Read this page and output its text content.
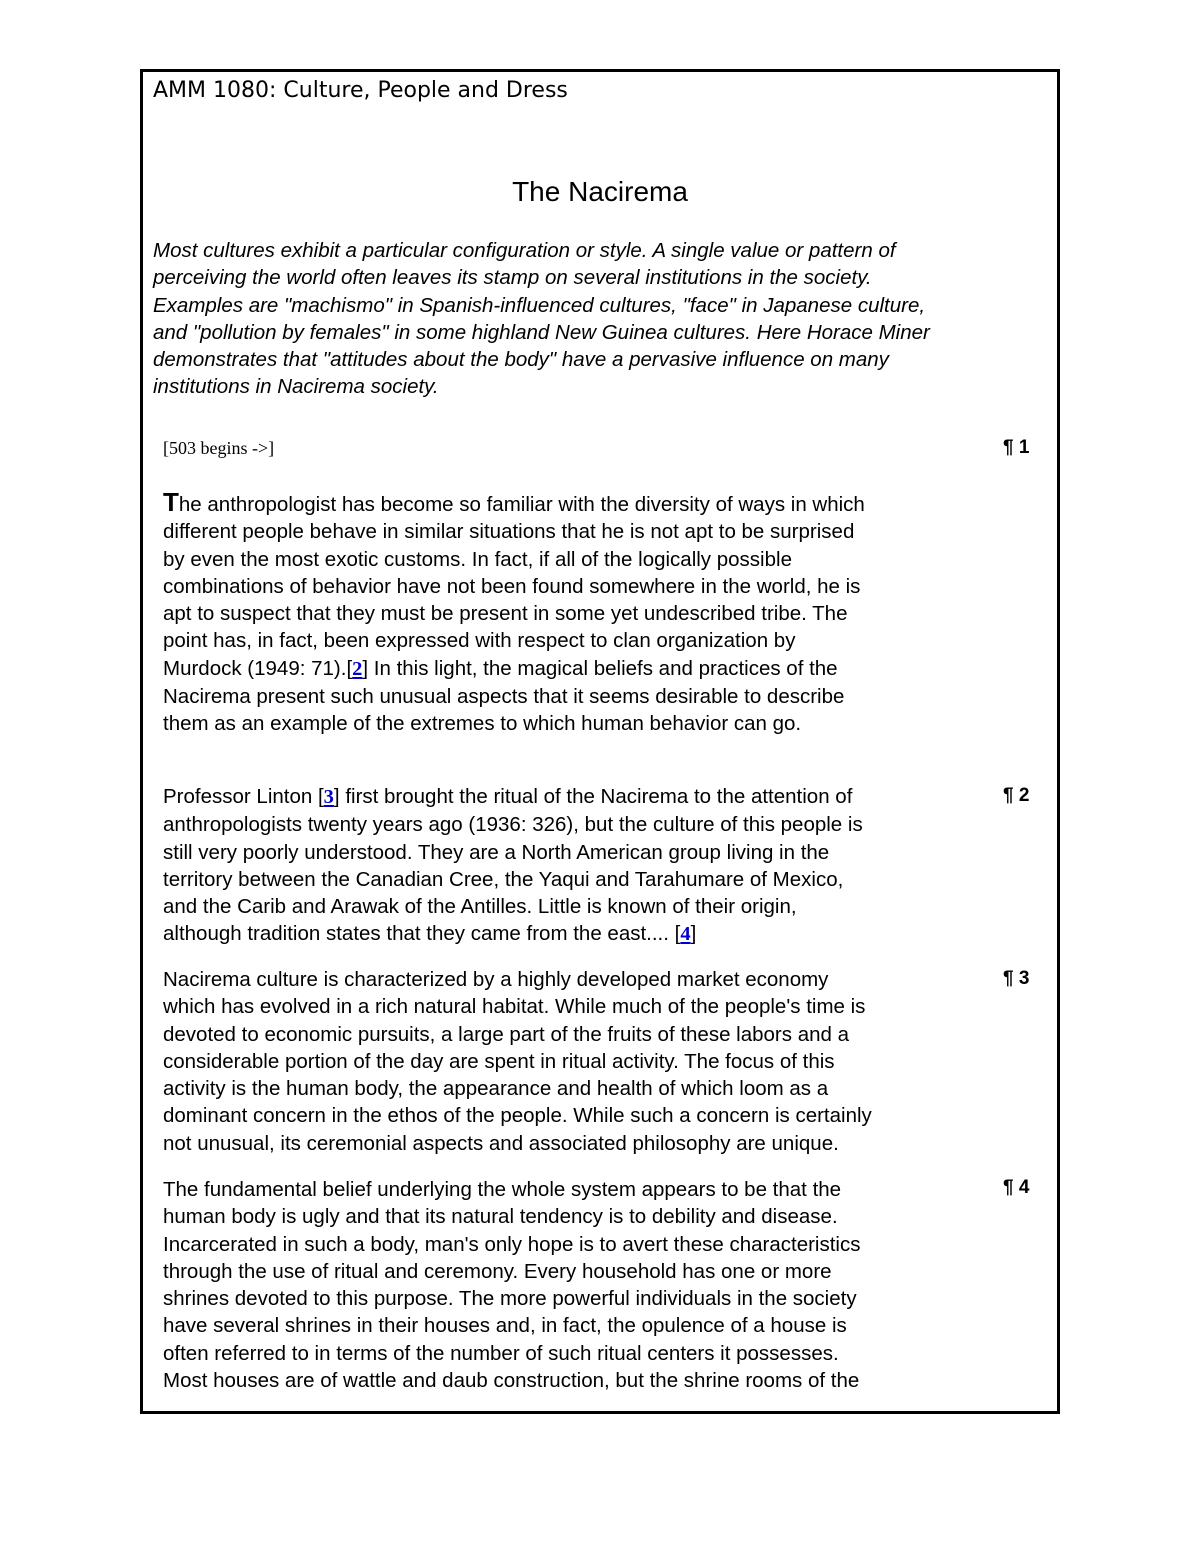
AMM 1080: Culture, People and Dress
The Nacirema
Most cultures exhibit a particular configuration or style. A single value or pattern of
perceiving the world often leaves its stamp on several institutions in the society.
Examples are "machismo" in Spanish-influenced cultures, "face" in Japanese culture,
and "pollution by females" in some highland New Guinea cultures. Here Horace Miner
demonstrates that "attitudes about the body" have a pervasive influence on many
institutions in Nacirema society.
[503 begins ->]	¶ 1
The anthropologist has become so familiar with the diversity of ways in which
different people behave in similar situations that he is not apt to be surprised
by even the most exotic customs. In fact, if all of the logically possible
combinations of behavior have not been found somewhere in the world, he is
apt to suspect that they must be present in some yet undescribed tribe. The
point has, in fact, been expressed with respect to clan organization by
Murdock (1949: 71).[2] In this light, the magical beliefs and practices of the
Nacirema present such unusual aspects that it seems desirable to describe
them as an example of the extremes to which human behavior can go.
¶ 2
Professor Linton [3] first brought the ritual of the Nacirema to the attention of
anthropologists twenty years ago (1936: 326), but the culture of this people is
still very poorly understood. They are a North American group living in the
territory between the Canadian Cree, the Yaqui and Tarahumare of Mexico,
and the Carib and Arawak of the Antilles. Little is known of their origin,
although tradition states that they came from the east.... [4]
¶ 3
Nacirema culture is characterized by a highly developed market economy
which has evolved in a rich natural habitat. While much of the people's time is
devoted to economic pursuits, a large part of the fruits of these labors and a
considerable portion of the day are spent in ritual activity. The focus of this
activity is the human body, the appearance and health of which loom as a
dominant concern in the ethos of the people. While such a concern is certainly
not unusual, its ceremonial aspects and associated philosophy are unique.
¶ 4
The fundamental belief underlying the whole system appears to be that the
human body is ugly and that its natural tendency is to debility and disease.
Incarcerated in such a body, man's only hope is to avert these characteristics
through the use of ritual and ceremony. Every household has one or more
shrines devoted to this purpose. The more powerful individuals in the society
have several shrines in their houses and, in fact, the opulence of a house is
often referred to in terms of the number of such ritual centers it possesses.
Most houses are of wattle and daub construction, but the shrine rooms of the
